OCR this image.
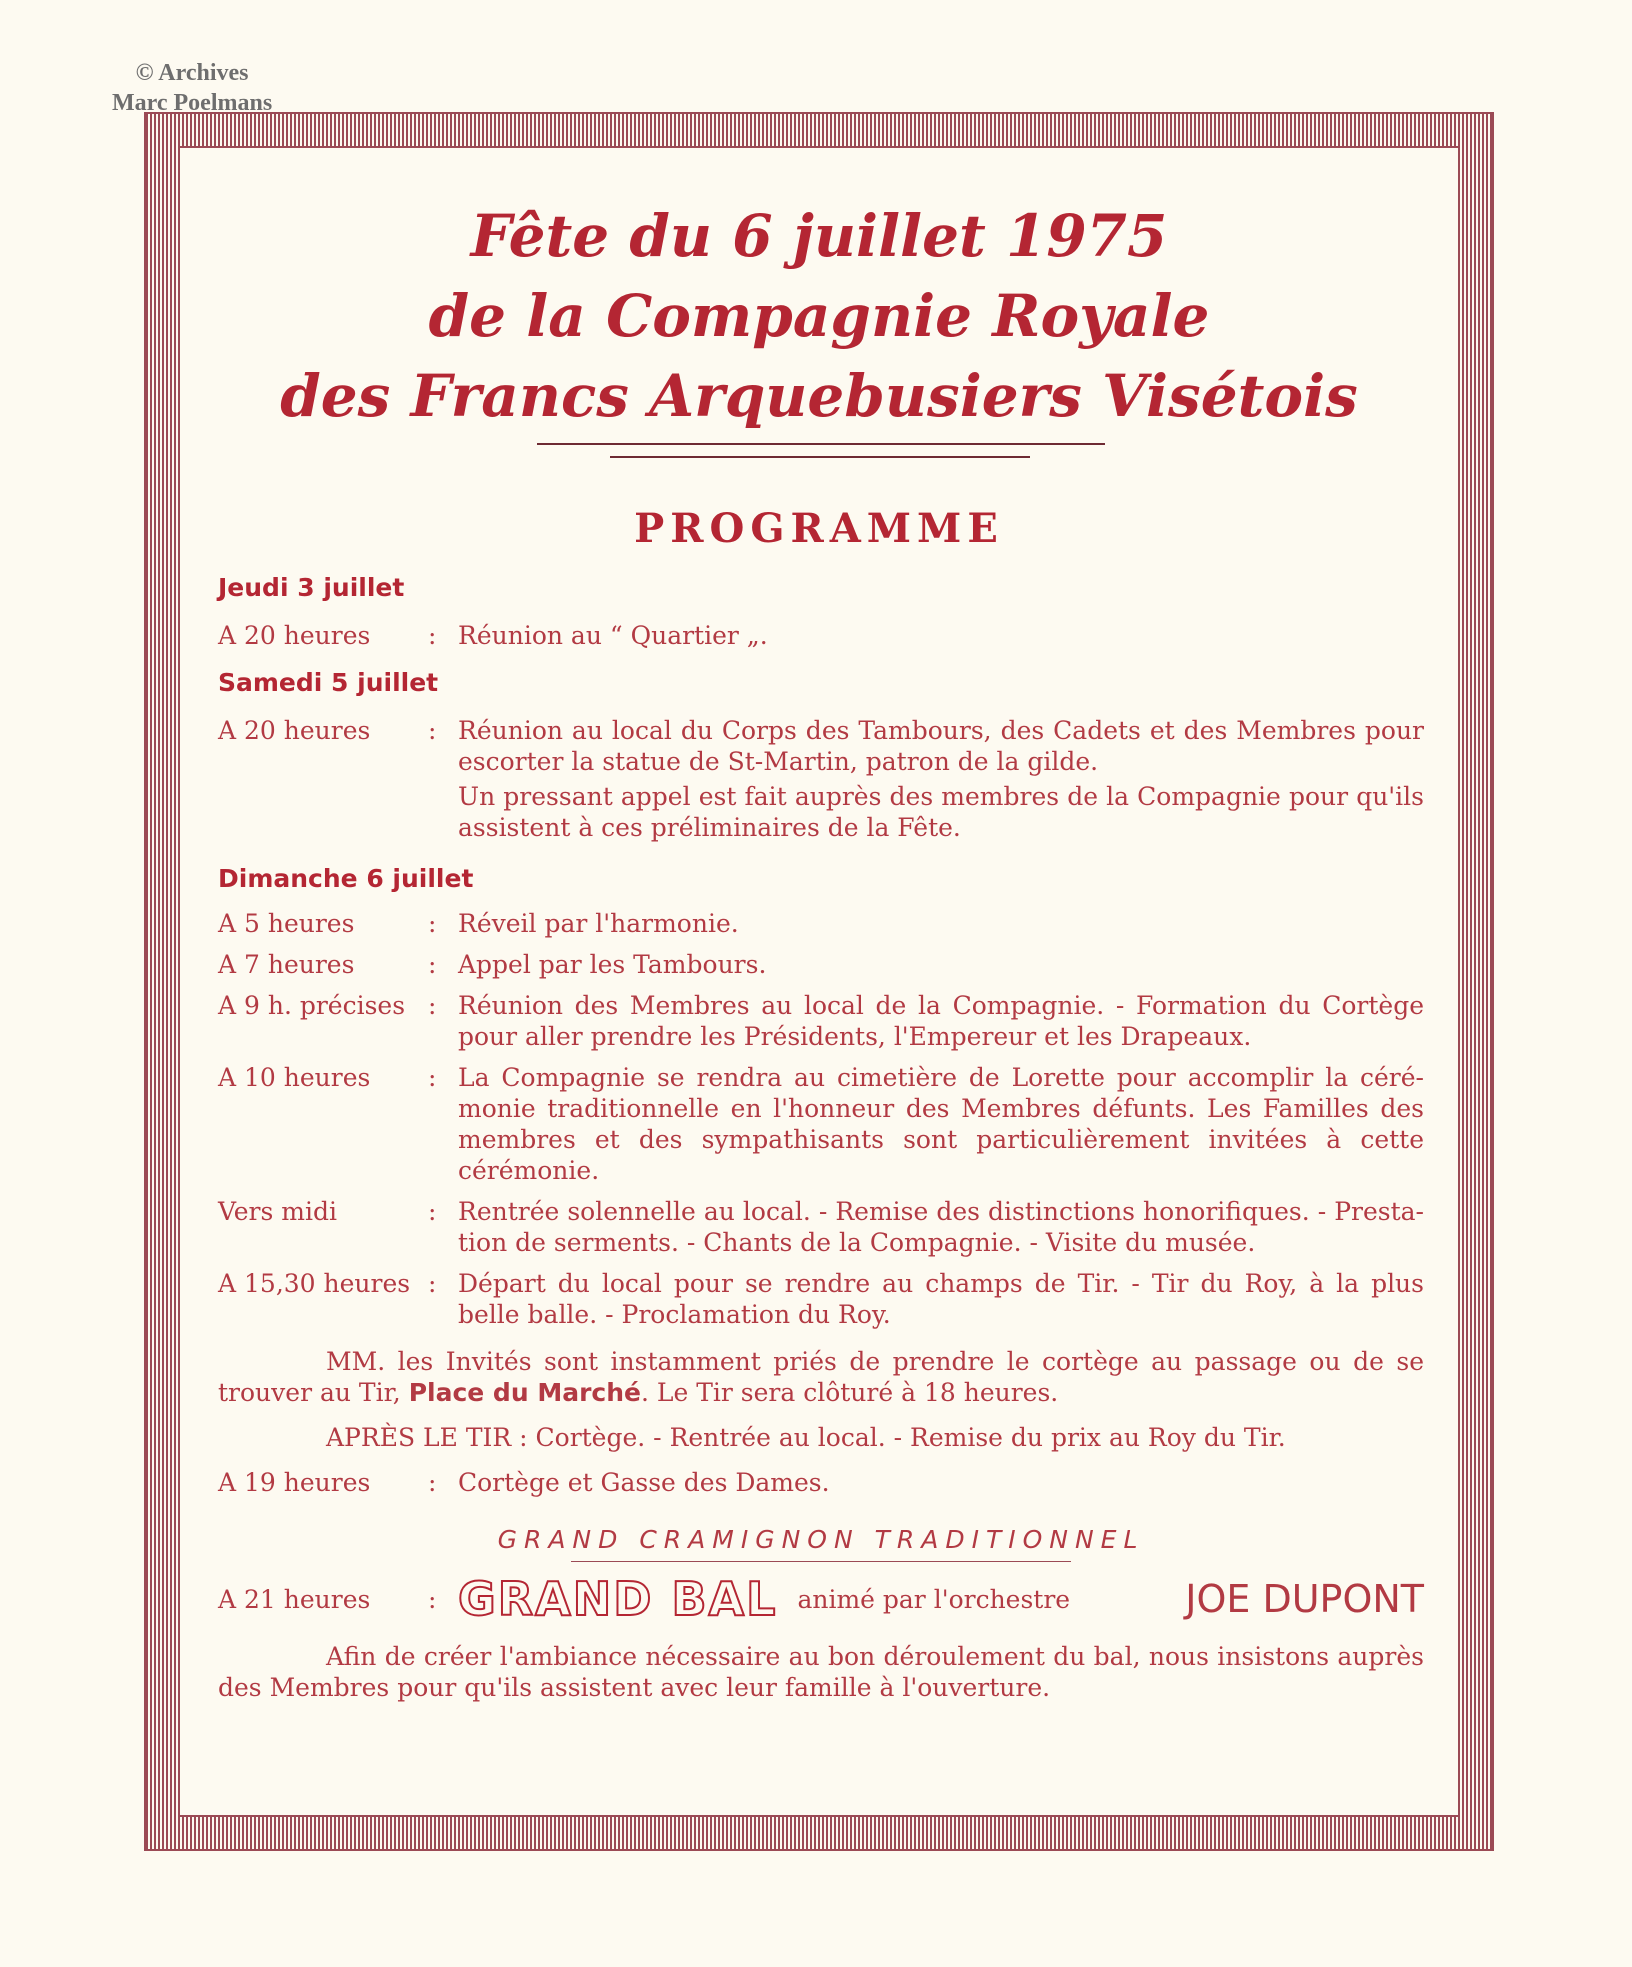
© Archives
Marc Poelmans
Fête du 6 juillet 1975
de la Compagnie Royale
des Francs Arquebusiers Visétois
PROGRAMME

Jeudi 3 juillet

A 20 heures	: Réunion au “ Quartier „.

Samedi 5 juillet

A 20 heures	: Réunion au local du Corps des Tambours, des Cadets et des Membres pour escorter la statue de St-Martin, patron de la gilde.
Un pressant appel est fait auprès des membres de la Compagnie pour qu'ils assistent à ces préliminaires de la Fête.

Dimanche 6 juillet

A 5 heures	: Réveil par l'harmonie.
A 7 heures	: Appel par les Tambours.
A 9 h. précises : Réunion des Membres au local de la Compagnie. - Formation du Cortège pour aller prendre les Présidents, l'Empereur et les Drapeaux.
A 10 heures	: La Compagnie se rendra au cimetière de Lorette pour accomplir la céré-monie traditionnelle en l'honneur des Membres défunts. Les Familles des membres et des sympathisants sont particulièrement invitées à cette cérémonie.
Vers midi	: Rentrée solennelle au local. - Remise des distinctions honorifiques. - Presta-tion de serments. - Chants de la Compagnie. - Visite du musée.
A 15,30 heures : Départ du local pour se rendre au champs de Tir. - Tir du Roy, à la plus belle balle. - Proclamation du Roy.
MM. les Invités sont instamment priés de prendre le cortège au passage ou de se trouver au Tir, Place du Marché. Le Tir sera clôturé à 18 heures.
APRÈS LE TIR : Cortège. - Rentrée au local. - Remise du prix au Roy du Tir.
A 19 heures	: Cortège et Gasse des Dames.
GRAND CRAMIGNON TRADITIONNEL
A 21 heures	: GRAND BAL animé par l'orchestre	JOE DUPONT
Afin de créer l'ambiance nécessaire au bon déroulement du bal, nous insistons auprès des Membres pour qu'ils assistent avec leur famille à l'ouverture.
